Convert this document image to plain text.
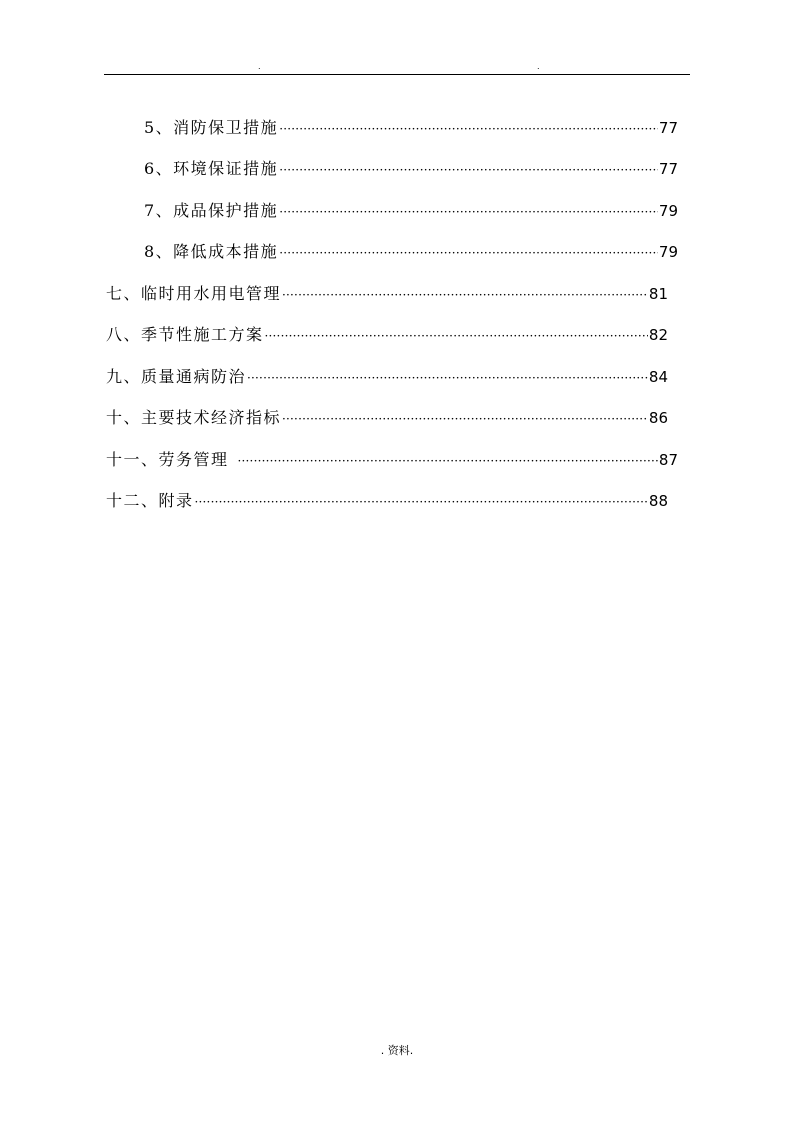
.	.
5、消防保卫措施 ·····	77
6、环境保证措施 ·····	77
7、成品保护措施 ·····	79
8、降低成本措施 ·····	79
七、临时用水用电管理 ·····	81
八、季节性施工方案 ·····	82
九、质量通病防治 ·····	84
十、主要技术经济指标 ·····	86
十一、劳务管理 ·····	87
十二、附录 ·····	88
. 资料.
